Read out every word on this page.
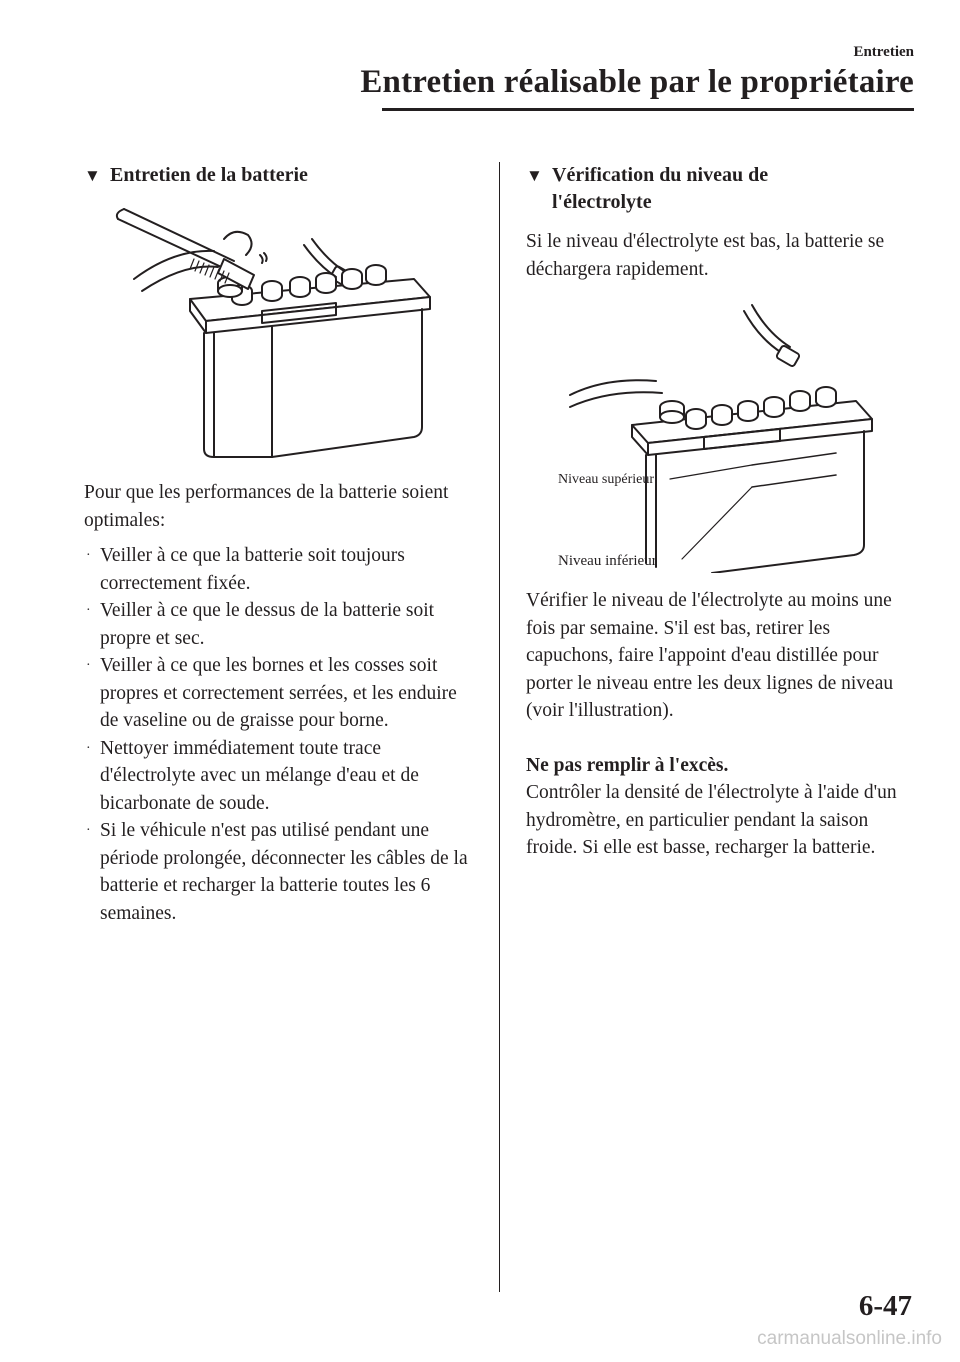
Entretien
Entretien réalisable par le propriétaire
▼ Entretien de la batterie

Pour que les performances de la batterie soient optimales:

· Veiller à ce que la batterie soit toujours correctement fixée.
· Veiller à ce que le dessus de la batterie soit propre et sec.
· Veiller à ce que les bornes et les cosses soit propres et correctement serrées, et les enduire de vaseline ou de graisse pour borne.
· Nettoyer immédiatement toute trace d'électrolyte avec un mélange d'eau et de bicarbonate de soude.
· Si le véhicule n'est pas utilisé pendant une période prolongée, déconnecter les câbles de la batterie et recharger la batterie toutes les 6 semaines.
▼ Vérification du niveau de
l'électrolyte

Si le niveau d'électrolyte est bas, la batterie se déchargera rapidement.

Niveau supérieur
Niveau inférieur

Vérifier le niveau de l'électrolyte au moins une fois par semaine. S'il est bas, retirer les capuchons, faire l'appoint d'eau distillée pour porter le niveau entre les deux lignes de niveau (voir l'illustration).

Ne pas remplir à l'excès.

Contrôler la densité de l'électrolyte à l'aide d'un hydromètre, en particulier pendant la saison froide. Si elle est basse, recharger la batterie.

6-47
carmanualsonline.info
